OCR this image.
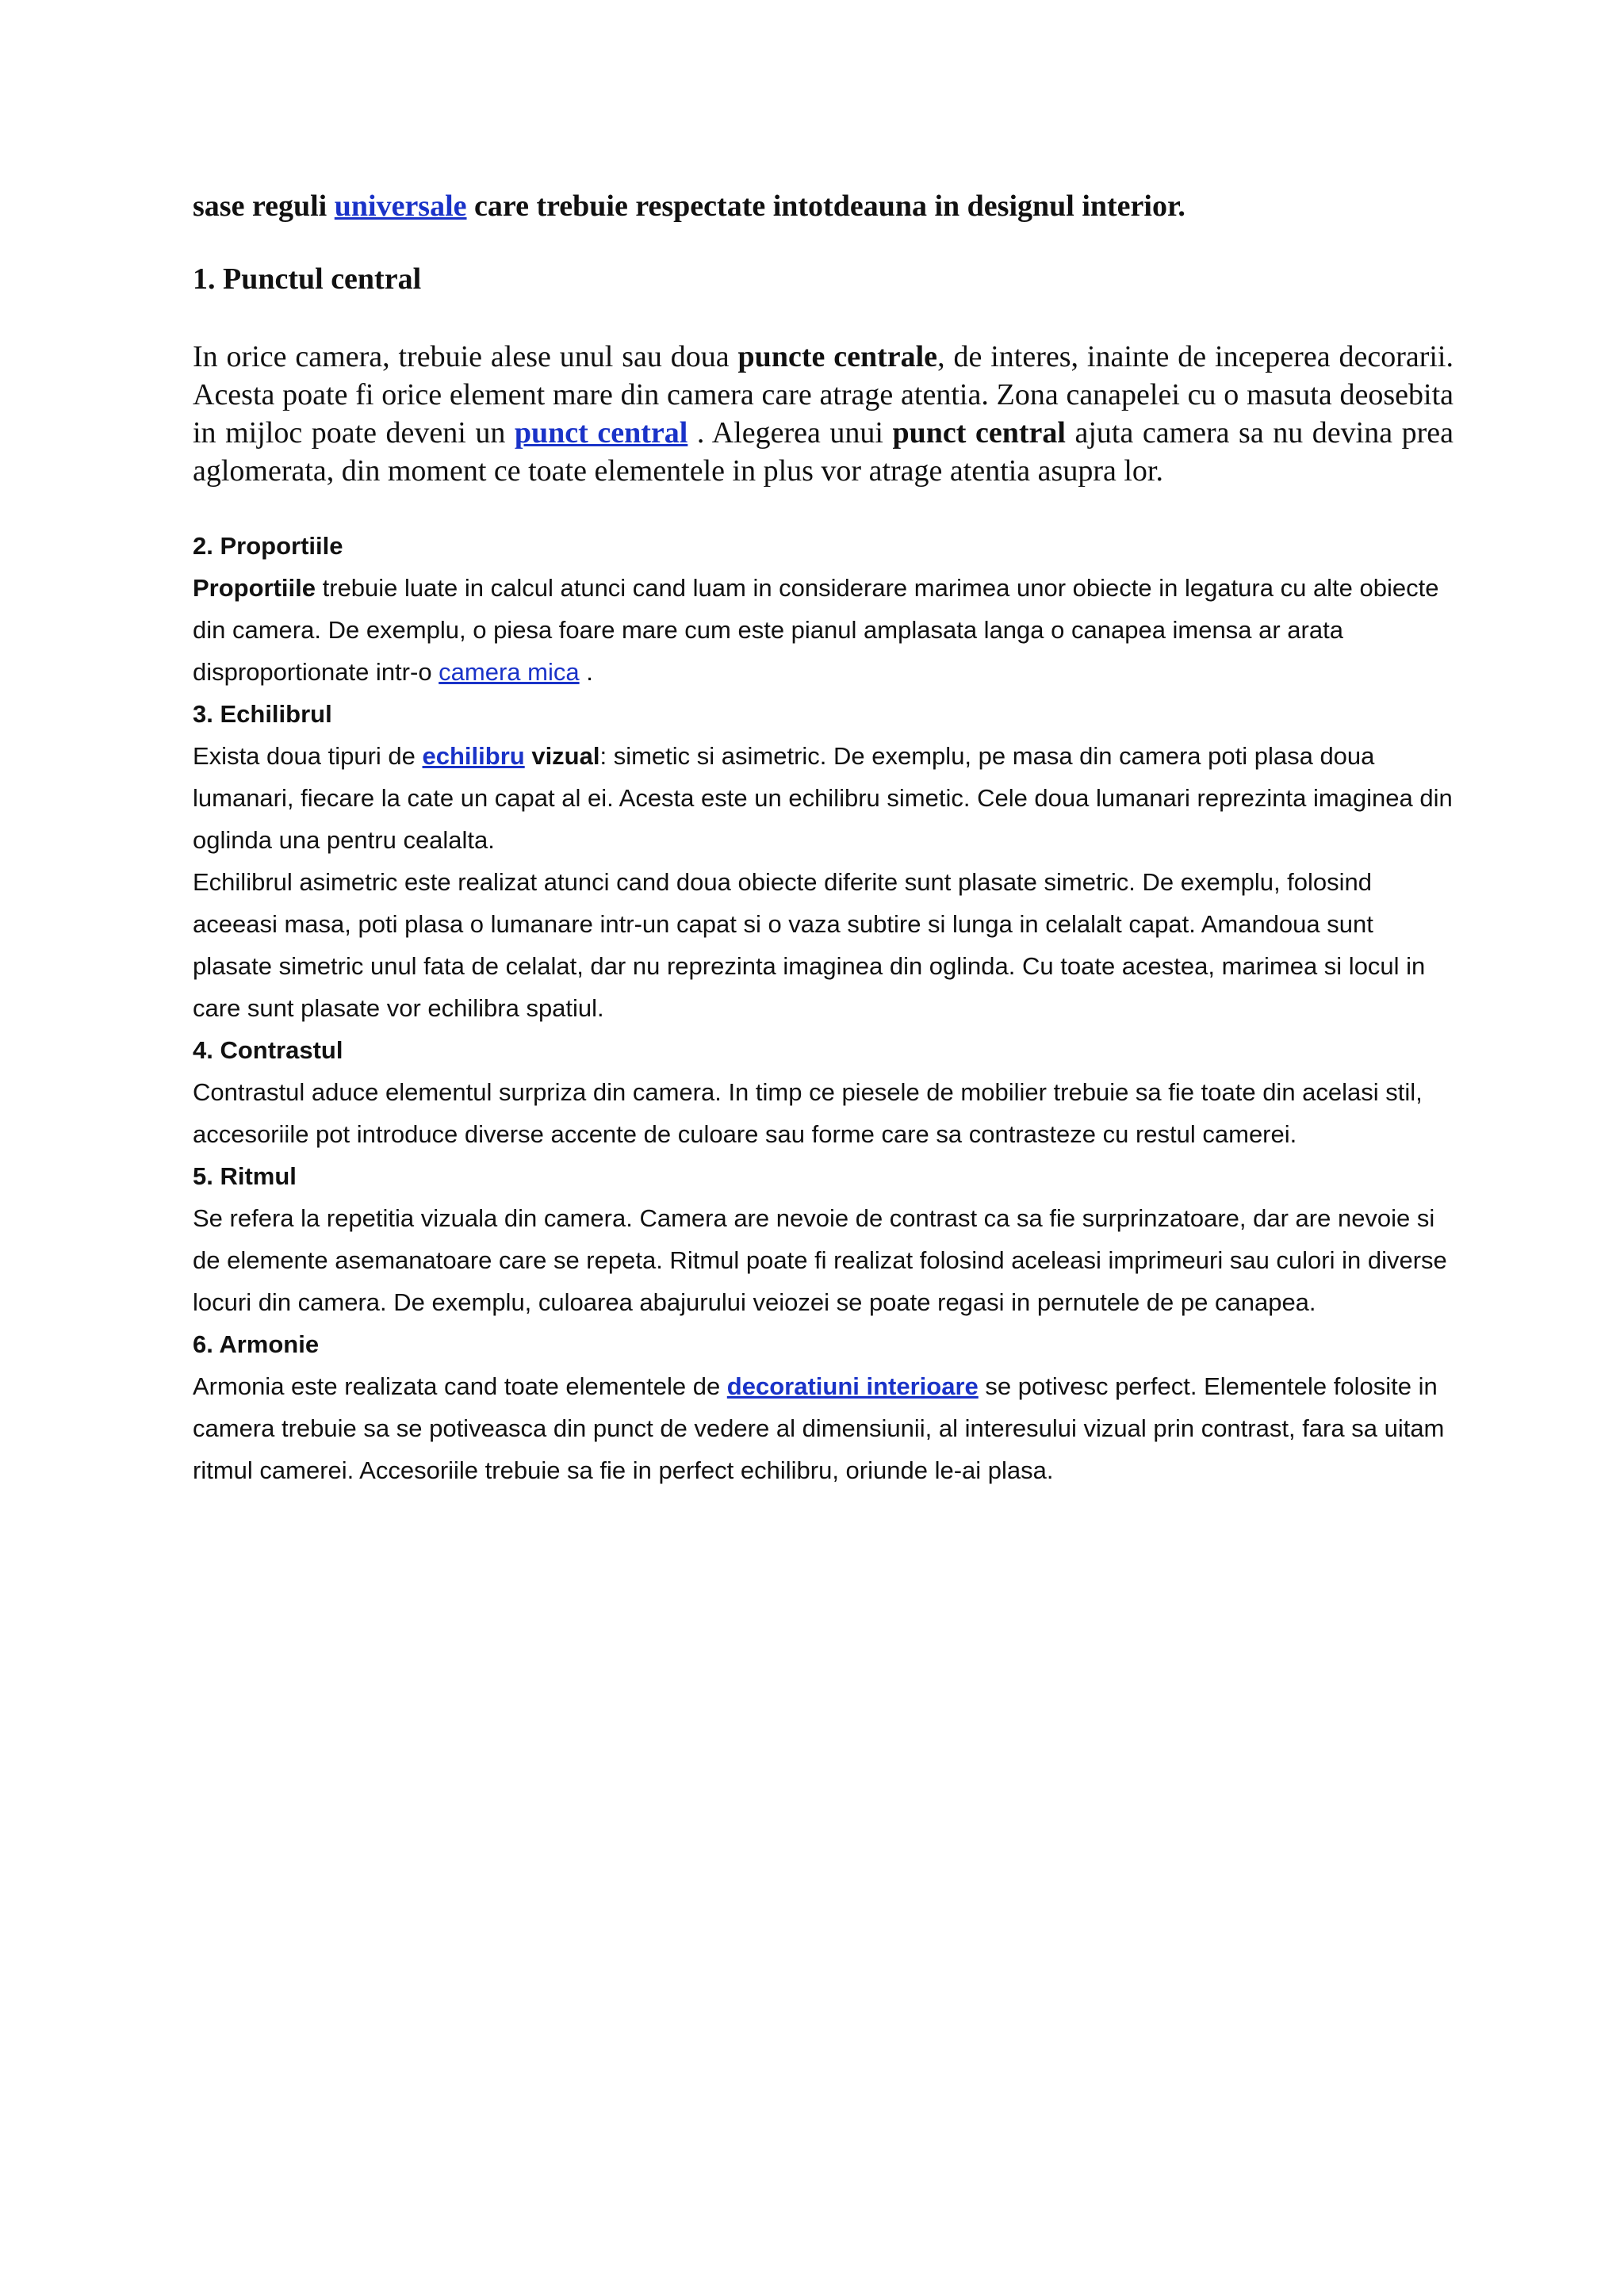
sase reguli universale care trebuie respectate intotdeauna in designul interior.

1. Punctul central

In orice camera, trebuie alese unul sau doua puncte centrale, de interes, inainte de inceperea decorarii. Acesta poate fi orice element mare din camera care atrage atentia. Zona canapelei cu o masuta deosebita in mijloc poate deveni un punct central . Alegerea unui punct central ajuta camera sa nu devina prea aglomerata, din moment ce toate elementele in plus vor atrage atentia asupra lor.

2. Proportiile

Proportiile trebuie luate in calcul atunci cand luam in considerare marimea unor obiecte in legatura cu alte obiecte din camera. De exemplu, o piesa foare mare cum este pianul amplasata langa o canapea imensa ar arata disproportionate intr-o camera mica .

3. Echilibrul

Exista doua tipuri de echilibru vizual: simetic si asimetric. De exemplu, pe masa din camera poti plasa doua lumanari, fiecare la cate un capat al ei. Acesta este un echilibru simetic. Cele doua lumanari reprezinta imaginea din oglinda una pentru cealalta.

Echilibrul asimetric este realizat atunci cand doua obiecte diferite sunt plasate simetric. De exemplu, folosind aceeasi masa, poti plasa o lumanare intr-un capat si o vaza subtire si lunga in celalalt capat. Amandoua sunt plasate simetric unul fata de celalat, dar nu reprezinta imaginea din oglinda. Cu toate acestea, marimea si locul in care sunt plasate vor echilibra spatiul.

4. Contrastul

Contrastul aduce elementul surpriza din camera. In timp ce piesele de mobilier trebuie sa fie toate din acelasi stil, accesoriile pot introduce diverse accente de culoare sau forme care sa contrasteze cu restul camerei.

5. Ritmul

Se refera la repetitia vizuala din camera. Camera are nevoie de contrast ca sa fie surprinzatoare, dar are nevoie si de elemente asemanatoare care se repeta. Ritmul poate fi realizat folosind aceleasi imprimeuri sau culori in diverse locuri din camera. De exemplu, culoarea abajurului veiozei se poate regasi in pernutele de pe canapea.

6. Armonie

Armonia este realizata cand toate elementele de decoratiuni interioare se potivesc perfect. Elementele folosite in camera trebuie sa se potiveasca din punct de vedere al dimensiunii, al interesului vizual prin contrast, fara sa uitam ritmul camerei. Accesoriile trebuie sa fie in perfect echilibru, oriunde le-ai plasa.
